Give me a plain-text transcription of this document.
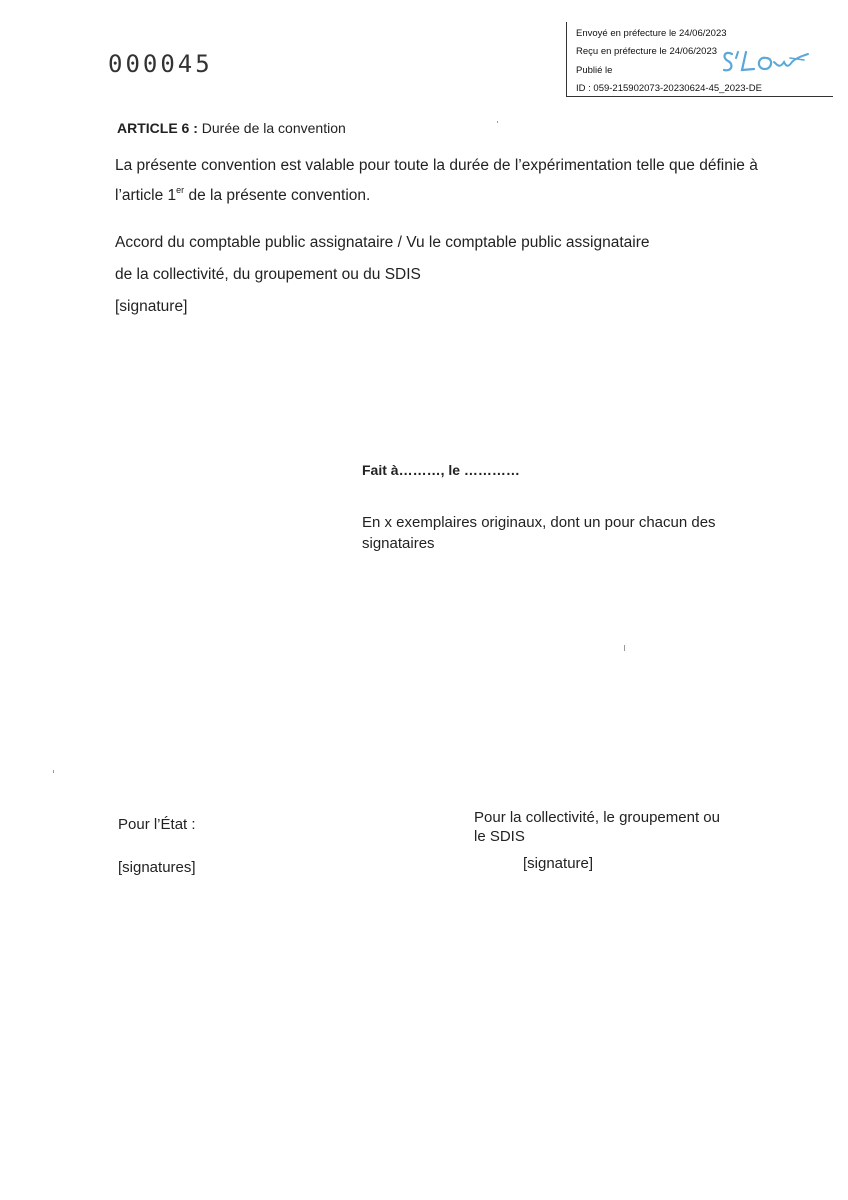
000045
Envoyé en préfecture le 24/06/2023
Reçu en préfecture le 24/06/2023
Publié le
ID : 059-215902073-20230624-45_2023-DE
ARTICLE 6 : Durée de la convention
La présente convention est valable pour toute la durée de l’expérimentation telle que définie à l’article 1er de la présente convention.
Accord du comptable public assignataire / Vu le comptable public assignataire
de la collectivité, du groupement ou du SDIS
[signature]
Fait à………, le …………
En x exemplaires originaux, dont un pour chacun des signataires
Pour l’État :
[signatures]
Pour la collectivité, le groupement ou le SDIS
[signature]
